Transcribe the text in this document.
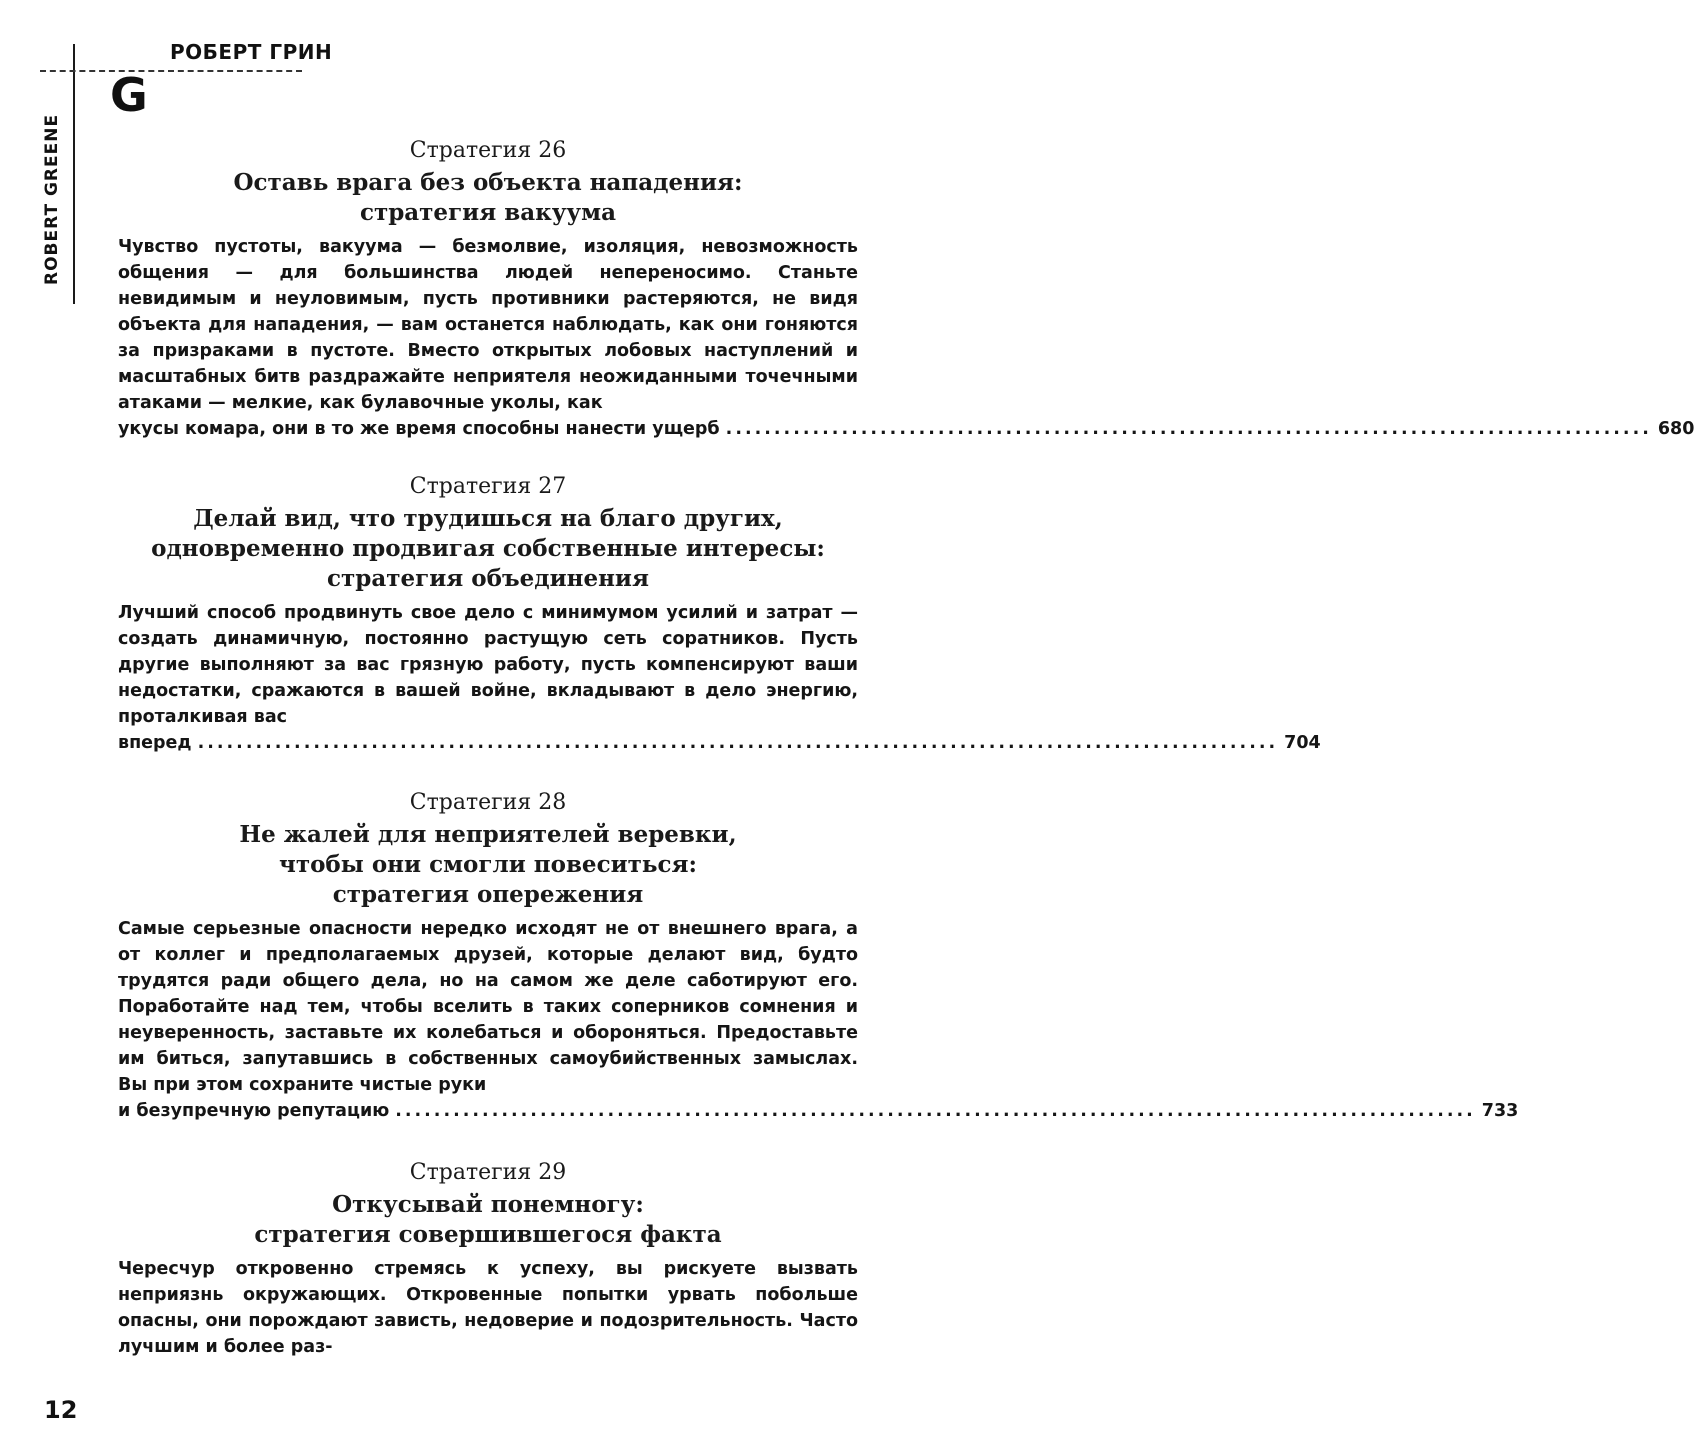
ROBERT GREENE
РОБЕРТ ГРИН
G

Стратегия 26

Оставь врага без объекта нападения:
стратегия вакуума

Чувство пустоты, вакуума — безмолвие, изоляция, невозможность общения — для большинства людей непереносимо. Станьте невидимым и неуловимым, пусть противники растеряются, не видя объекта для нападения, — вам останется наблюдать, как они гоняются за призраками в пустоте. Вместо открытых лобовых наступлений и масштабных битв раздражайте неприятеля неожиданными точечными атаками — мелкие, как булавочные уколы, как

укусы комара, они в то же время способны нанести ущерб ................................................................................................ 680

Стратегия 27

Делай вид, что трудишься на благо других,
одновременно продвигая собственные интересы:
стратегия объединения

Лучший способ продвинуть свое дело с минимумом усилий и затрат — создать динамичную, постоянно растущую сеть соратников. Пусть другие выполняют за вас грязную работу, пусть компенсируют ваши недостатки, сражаются в вашей войне, вкладывают в дело энергию, проталкивая вас

вперед ................................................................................................................ 704

Стратегия 28

Не жалей для неприятелей веревки,
чтобы они смогли повеситься:
стратегия опережения

Самые серьезные опасности нередко исходят не от внешнего врага, а от коллег и предполагаемых друзей, которые делают вид, будто трудятся ради общего дела, но на самом же деле саботируют его. Поработайте над тем, чтобы вселить в таких соперников сомнения и неуверенность, заставьте их колебаться и обороняться. Предоставьте им биться, запутавшись в собственных самоубийственных замыслах. Вы при этом сохраните чистые руки

и безупречную репутацию ................................................................................................................ 733

Стратегия 29

Откусывай понемногу:
стратегия совершившегося факта

Чересчур откровенно стремясь к успеху, вы рискуете вызвать неприязнь окружающих. Откровенные попытки урвать побольше опасны, они порождают зависть, недоверие и подозрительность. Часто лучшим и более раз-

12
